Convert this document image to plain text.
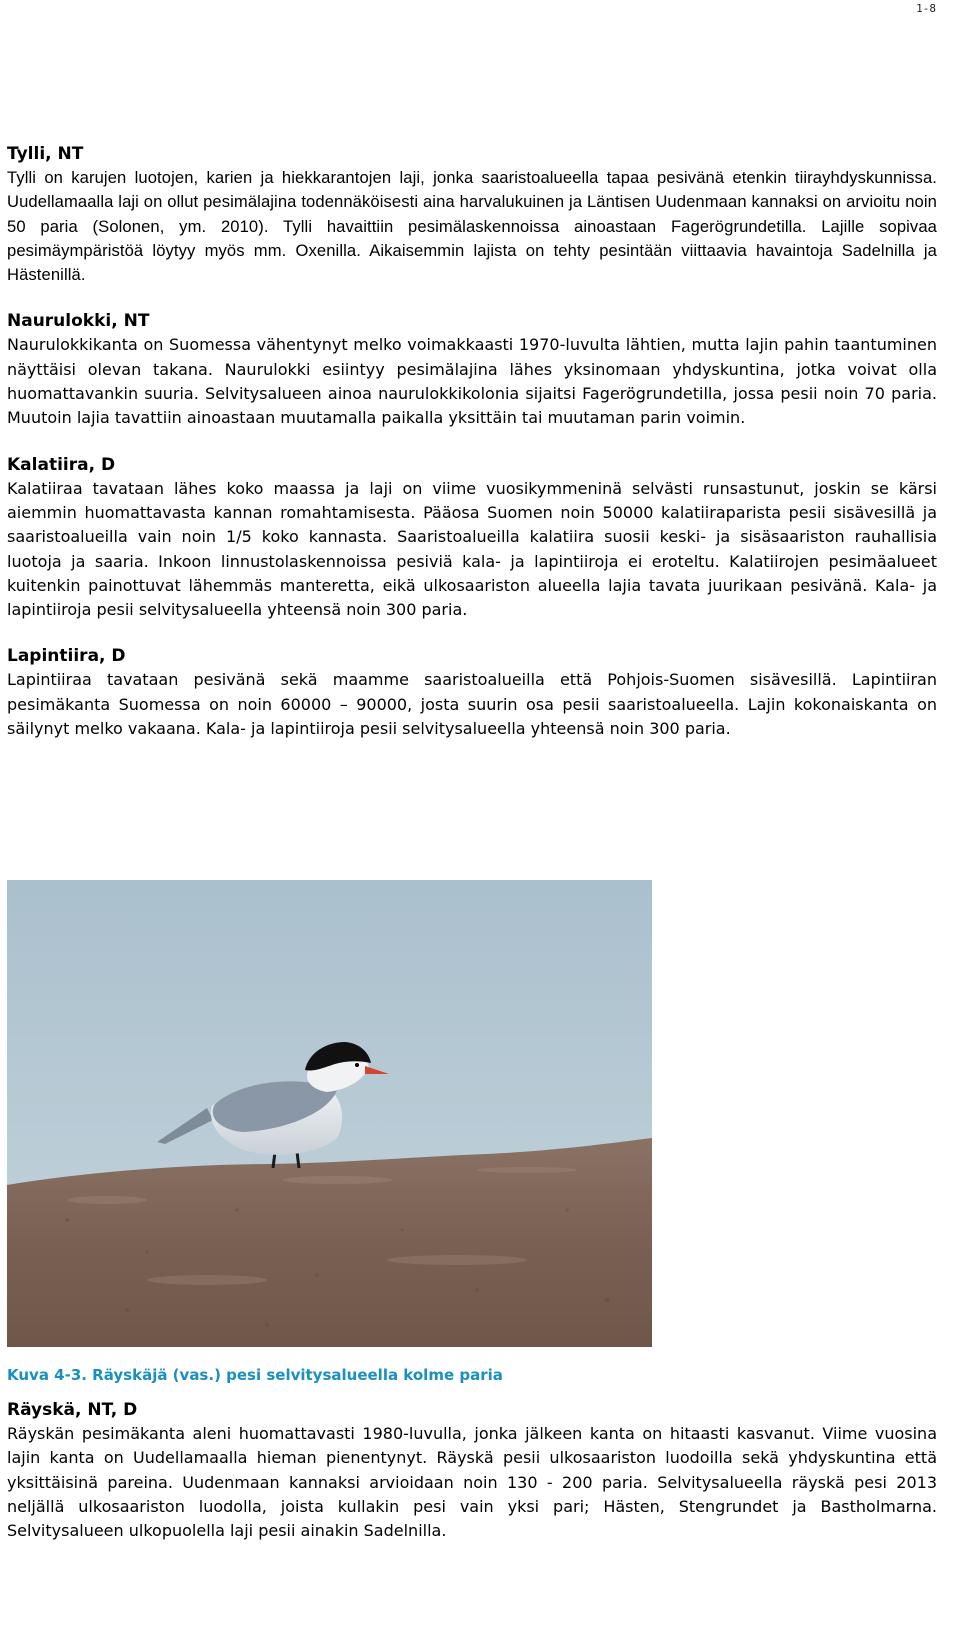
1-8
Tylli, NT

Tylli on karujen luotojen, karien ja hiekkarantojen laji, jonka saaristoalueella tapaa pesivänä etenkin tiirayhdyskunnissa. Uudellamaalla laji on ollut pesimälajina todennäköisesti aina harvalukuinen ja Läntisen Uudenmaan kannaksi on arvioitu noin 50 paria (Solonen, ym. 2010). Tylli havaittiin pesimälaskennoissa ainoastaan Fagerögrundetilla. Lajille sopivaa pesimäympäristöä löytyy myös mm. Oxenilla. Aikaisemmin lajista on tehty pesintään viittaavia havaintoja Sadelnilla ja Hästenillä.

Naurulokki, NT

Naurulokkikanta on Suomessa vähentynyt melko voimakkaasti 1970-luvulta lähtien, mutta lajin pahin taantuminen näyttäisi olevan takana. Naurulokki esiintyy pesimälajina lähes yksinomaan yhdyskuntina, jotka voivat olla huomattavankin suuria. Selvitysalueen ainoa naurulokkikolonia sijaitsi Fagerögrundetilla, jossa pesii noin 70 paria. Muutoin lajia tavattiin ainoastaan muutamalla paikalla yksittäin tai muutaman parin voimin.

Kalatiira, D

Kalatiiraa tavataan lähes koko maassa ja laji on viime vuosikymmeninä selvästi runsastunut, joskin se kärsi aiemmin huomattavasta kannan romahtamisesta. Pääosa Suomen noin 50000 kalatiiraparista pesii sisävesillä ja saaristoalueilla vain noin 1/5 koko kannasta. Saaristoalueilla kalatiira suosii keski- ja sisäsaariston rauhallisia luotoja ja saaria. Inkoon linnustolaskennoissa pesiviä kala- ja lapintiiroja ei eroteltu. Kalatiirojen pesimäalueet kuitenkin painottuvat lähemmäs manteretta, eikä ulkosaariston alueella lajia tavata juurikaan pesivänä. Kala- ja lapintiiroja pesii selvitysalueella yhteensä noin 300 paria.

Lapintiira, D

Lapintiiraa tavataan pesivänä sekä maamme saaristoalueilla että Pohjois-Suomen sisävesillä. Lapintiiran pesimäkanta Suomessa on noin 60000 – 90000, josta suurin osa pesii saaristoalueella. Lajin kokonaiskanta on säilynyt melko vakaana. Kala- ja lapintiiroja pesii selvitysalueella yhteensä noin 300 paria.

Kuva 4-3. Räyskäjä (vas.) pesi selvitysalueella kolme paria
Räyskä, NT, D

Räyskän pesimäkanta aleni huomattavasti 1980-luvulla, jonka jälkeen kanta on hitaasti kasvanut. Viime vuosina lajin kanta on Uudellamaalla hieman pienentynyt. Räyskä pesii ulkosaariston luodoilla sekä yhdyskuntina että yksittäisinä pareina. Uudenmaan kannaksi arvioidaan noin 130 - 200 paria. Selvitysalueella räyskä pesi 2013 neljällä ulkosaariston luodolla, joista kullakin pesi vain yksi pari; Hästen, Stengrundet ja Bastholmarna. Selvitysalueen ulkopuolella laji pesii ainakin Sadelnilla.
